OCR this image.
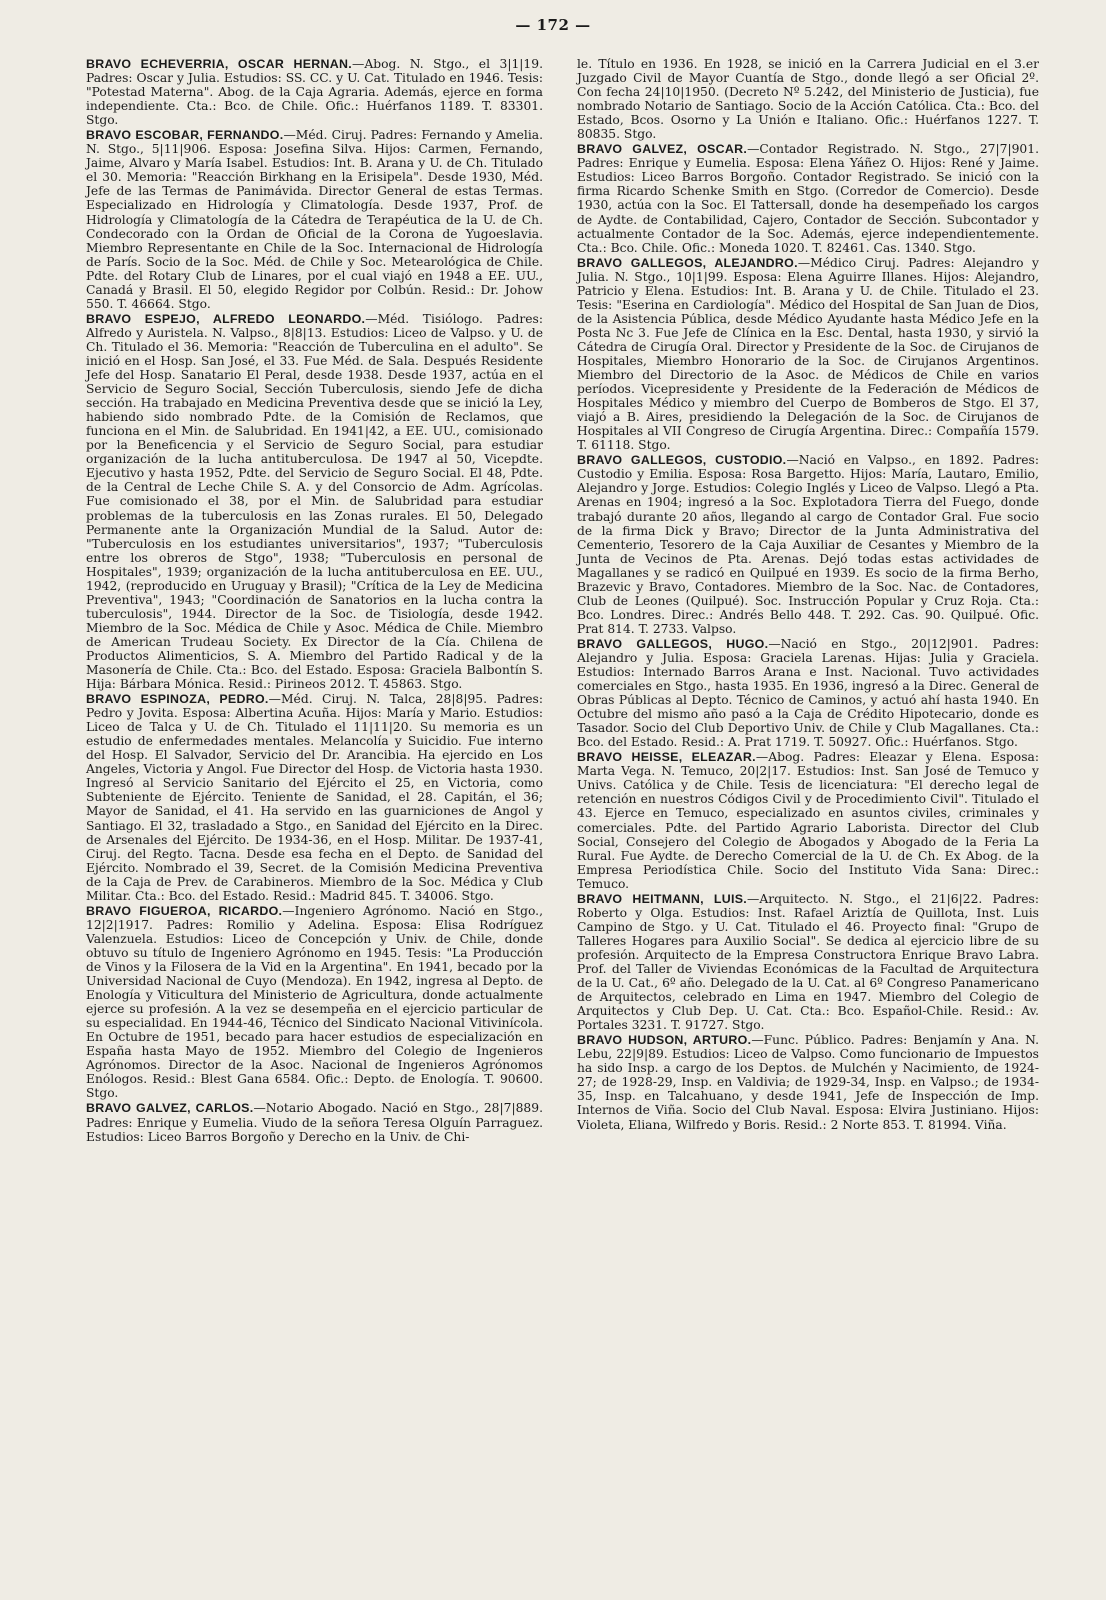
— 172 —

BRAVO ECHEVERRIA, OSCAR HERNAN.—Abog. N. Stgo., el 3|1|19. Padres: Oscar y Julia. Estudios: SS. CC. y U. Cat. Titulado en 1946. Tesis: "Potestad Materna". Abog. de la Caja Agraria. Además, ejerce en forma independiente. Cta.: Bco. de Chile. Ofic.: Huérfanos 1189. T. 83301. Stgo.

BRAVO ESCOBAR, FERNANDO.—Méd. Ciruj. Padres: Fernando y Amelia. N. Stgo., 5|11|906. Esposa: Josefina Silva. Hijos: Carmen, Fernando, Jaime, Alvaro y María Isabel. Estudios: Int. B. Arana y U. de Ch. Titulado el 30. Memoria: "Reacción Birkhang en la Erisipela". Desde 1930, Méd. Jefe de las Termas de Panimávida. Director General de estas Termas. Especializado en Hidrología y Climatología. Desde 1937, Prof. de Hidrología y Climatología de la Cátedra de Terapéutica de la U. de Ch. Condecorado con la Ordan de Oficial de la Corona de Yugoeslavia. Miembro Representante en Chile de la Soc. Internacional de Hidrología de París. Socio de la Soc. Méd. de Chile y Soc. Metearológica de Chile. Pdte. del Rotary Club de Linares, por el cual viajó en 1948 a EE. UU., Canadá y Brasil. El 50, elegido Regidor por Colbún. Resid.: Dr. Johow 550. T. 46664. Stgo.

BRAVO ESPEJO, ALFREDO LEONARDO.—Méd. Tisiólogo. Padres: Alfredo y Auristela. N. Valpso., 8|8|13. Estudios: Liceo de Valpso. y U. de Ch. Titulado el 36. Memoria: "Reacción de Tuberculina en el adulto". Se inició en el Hosp. San José, el 33. Fue Méd. de Sala. Después Residente Jefe del Hosp. Sanatario El Peral, desde 1938. Desde 1937, actúa en el Servicio de Seguro Social, Sección Tuberculosis, siendo Jefe de dicha sección. Ha trabajado en Medicina Preventiva desde que se inició la Ley, habiendo sido nombrado Pdte. de la Comisión de Reclamos, que funciona en el Min. de Salubridad. En 1941|42, a EE. UU., comisionado por la Beneficencia y el Servicio de Seguro Social, para estudiar organización de la lucha antituberculosa. De 1947 al 50, Vicepdte. Ejecutivo y hasta 1952, Pdte. del Servicio de Seguro Social. El 48, Pdte. de la Central de Leche Chile S. A. y del Consorcio de Adm. Agrícolas. Fue comisionado el 38, por el Min. de Salubridad para estudiar problemas de la tuberculosis en las Zonas rurales. El 50, Delegado Permanente ante la Organización Mundial de la Salud. Autor de: "Tuberculosis en los estudiantes universitarios", 1937; "Tuberculosis entre los obreros de Stgo", 1938; "Tuberculosis en personal de Hospitales", 1939; organización de la lucha antituberculosa en EE. UU., 1942, (reproducido en Uruguay y Brasil); "Crítica de la Ley de Medicina Preventiva", 1943; "Coordinación de Sanatorios en la lucha contra la tuberculosis", 1944. Director de la Soc. de Tisiología, desde 1942. Miembro de la Soc. Médica de Chile y Asoc. Médica de Chile. Miembro de American Trudeau Society. Ex Director de la Cía. Chilena de Productos Alimenticios, S. A. Miembro del Partido Radical y de la Masonería de Chile. Cta.: Bco. del Estado. Esposa: Graciela Balbontín S. Hija: Bárbara Mónica. Resid.: Pirineos 2012. T. 45863. Stgo.

BRAVO ESPINOZA, PEDRO.—Méd. Ciruj. N. Talca, 28|8|95. Padres: Pedro y Jovita. Esposa: Albertina Acuña. Hijos: María y Mario. Estudios: Liceo de Talca y U. de Ch. Titulado el 11|11|20. Su memoria es un estudio de enfermedades mentales. Melancolía y Suicidio. Fue interno del Hosp. El Salvador, Servicio del Dr. Arancibia. Ha ejercido en Los Angeles, Victoria y Angol. Fue Director del Hosp. de Victoria hasta 1930. Ingresó al Servicio Sanitario del Ejército el 25, en Victoria, como Subteniente de Ejército. Teniente de Sanidad, el 28. Capitán, el 36; Mayor de Sanidad, el 41. Ha servido en las guarniciones de Angol y Santiago. El 32, trasladado a Stgo., en Sanidad del Ejército en la Direc. de Arsenales del Ejército. De 1934-36, en el Hosp. Militar. De 1937-41, Ciruj. del Regto. Tacna. Desde esa fecha en el Depto. de Sanidad del Ejército. Nombrado el 39, Secret. de la Comisión Medicina Preventiva de la Caja de Prev. de Carabineros. Miembro de la Soc. Médica y Club Militar. Cta.: Bco. del Estado. Resid.: Madrid 845. T. 34006. Stgo.

BRAVO FIGUEROA, RICARDO.—Ingeniero Agrónomo. Nació en Stgo., 12|2|1917. Padres: Romilio y Adelina. Esposa: Elisa Rodríguez Valenzuela. Estudios: Liceo de Concepción y Univ. de Chile, donde obtuvo su título de Ingeniero Agrónomo en 1945. Tesis: "La Producción de Vinos y la Filosera de la Vid en la Argentina". En 1941, becado por la Universidad Nacional de Cuyo (Mendoza). En 1942, ingresa al Depto. de Enología y Viticultura del Ministerio de Agricultura, donde actualmente ejerce su profesión. A la vez se desempeña en el ejercicio particular de su especialidad. En 1944-46, Técnico del Sindicato Nacional Vitivinícola. En Octubre de 1951, becado para hacer estudios de especialización en España hasta Mayo de 1952. Miembro del Colegio de Ingenieros Agrónomos. Director de la Asoc. Nacional de Ingenieros Agrónomos Enólogos. Resid.: Blest Gana 6584. Ofic.: Depto. de Enología. T. 90600. Stgo.

BRAVO GALVEZ, CARLOS.—Notario Abogado. Nació en Stgo., 28|7|889. Padres: Enrique y Eumelia. Viudo de la señora Teresa Olguín Parraguez. Estudios: Liceo Barros Borgoño y Derecho en la Univ. de Chi-

le. Título en 1936. En 1928, se inició en la Carrera Judicial en el 3.er Juzgado Civil de Mayor Cuantía de Stgo., donde llegó a ser Oficial 2º. Con fecha 24|10|1950. (Decreto Nº 5.242, del Ministerio de Justicia), fue nombrado Notario de Santiago. Socio de la Acción Católica. Cta.: Bco. del Estado, Bcos. Osorno y La Unión e Italiano. Ofic.: Huérfanos 1227. T. 80835. Stgo.

BRAVO GALVEZ, OSCAR.—Contador Registrado. N. Stgo., 27|7|901. Padres: Enrique y Eumelia. Esposa: Elena Yáñez O. Hijos: René y Jaime. Estudios: Liceo Barros Borgoño. Contador Registrado. Se inició con la firma Ricardo Schenke Smith en Stgo. (Corredor de Comercio). Desde 1930, actúa con la Soc. El Tattersall, donde ha desempeñado los cargos de Aydte. de Contabilidad, Cajero, Contador de Sección. Subcontador y actualmente Contador de la Soc. Además, ejerce independientemente. Cta.: Bco. Chile. Ofic.: Moneda 1020. T. 82461. Cas. 1340. Stgo.

BRAVO GALLEGOS, ALEJANDRO.—Médico Ciruj. Padres: Alejandro y Julia. N. Stgo., 10|1|99. Esposa: Elena Aguirre Illanes. Hijos: Alejandro, Patricio y Elena. Estudios: Int. B. Arana y U. de Chile. Titulado el 23. Tesis: "Eserina en Cardiología". Médico del Hospital de San Juan de Dios, de la Asistencia Pública, desde Médico Ayudante hasta Médico Jefe en la Posta Nc 3. Fue Jefe de Clínica en la Esc. Dental, hasta 1930, y sirvió la Cátedra de Cirugía Oral. Director y Presidente de la Soc. de Cirujanos de Hospitales, Miembro Honorario de la Soc. de Cirujanos Argentinos. Miembro del Directorio de la Asoc. de Médicos de Chile en varios períodos. Vicepresidente y Presidente de la Federación de Médicos de Hospitales Médico y miembro del Cuerpo de Bomberos de Stgo. El 37, viajó a B. Aires, presidiendo la Delegación de la Soc. de Cirujanos de Hospitales al VII Congreso de Cirugía Argentina. Direc.: Compañía 1579. T. 61118. Stgo.

BRAVO GALLEGOS, CUSTODIO.—Nació en Valpso., en 1892. Padres: Custodio y Emilia. Esposa: Rosa Bargetto. Hijos: María, Lautaro, Emilio, Alejandro y Jorge. Estudios: Colegio Inglés y Liceo de Valpso. Llegó a Pta. Arenas en 1904; ingresó a la Soc. Explotadora Tierra del Fuego, donde trabajó durante 20 años, llegando al cargo de Contador Gral. Fue socio de la firma Dick y Bravo; Director de la Junta Administrativa del Cementerio, Tesorero de la Caja Auxiliar de Cesantes y Miembro de la Junta de Vecinos de Pta. Arenas. Dejó todas estas actividades de Magallanes y se radicó en Quilpué en 1939. Es socio de la firma Berho, Brazevic y Bravo, Contadores. Miembro de la Soc. Nac. de Contadores, Club de Leones (Quilpué). Soc. Instrucción Popular y Cruz Roja. Cta.: Bco. Londres. Direc.: Andrés Bello 448. T. 292. Cas. 90. Quilpué. Ofic. Prat 814. T. 2733. Valpso.

BRAVO GALLEGOS, HUGO.—Nació en Stgo., 20|12|901. Padres: Alejandro y Julia. Esposa: Graciela Larenas. Hijas: Julia y Graciela. Estudios: Internado Barros Arana e Inst. Nacional. Tuvo actividades comerciales en Stgo., hasta 1935. En 1936, ingresó a la Direc. General de Obras Públicas al Depto. Técnico de Caminos, y actuó ahí hasta 1940. En Octubre del mismo año pasó a la Caja de Crédito Hipotecario, donde es Tasador. Socio del Club Deportivo Univ. de Chile y Club Magallanes. Cta.: Bco. del Estado. Resid.: A. Prat 1719. T. 50927. Ofic.: Huérfanos. Stgo.

BRAVO HEISSE, ELEAZAR.—Abog. Padres: Eleazar y Elena. Esposa: Marta Vega. N. Temuco, 20|2|17. Estudios: Inst. San José de Temuco y Univs. Católica y de Chile. Tesis de licenciatura: "El derecho legal de retención en nuestros Códigos Civil y de Procedimiento Civil". Titulado el 43. Ejerce en Temuco, especializado en asuntos civiles, criminales y comerciales. Pdte. del Partido Agrario Laborista. Director del Club Social, Consejero del Colegio de Abogados y Abogado de la Feria La Rural. Fue Aydte. de Derecho Comercial de la U. de Ch. Ex Abog. de la Empresa Periodística Chile. Socio del Instituto Vida Sana: Direc.: Temuco.

BRAVO HEITMANN, LUIS.—Arquitecto. N. Stgo., el 21|6|22. Padres: Roberto y Olga. Estudios: Inst. Rafael Ariztía de Quillota, Inst. Luis Campino de Stgo. y U. Cat. Titulado el 46. Proyecto final: "Grupo de Talleres Hogares para Auxilio Social". Se dedica al ejercicio libre de su profesión. Arquitecto de la Empresa Constructora Enrique Bravo Labra. Prof. del Taller de Viviendas Económicas de la Facultad de Arquitectura de la U. Cat., 6º año. Delegado de la U. Cat. al 6º Congreso Panamericano de Arquitectos, celebrado en Lima en 1947. Miembro del Colegio de Arquitectos y Club Dep. U. Cat. Cta.: Bco. Español-Chile. Resid.: Av. Portales 3231. T. 91727. Stgo.

BRAVO HUDSON, ARTURO.—Func. Público. Padres: Benjamín y Ana. N. Lebu, 22|9|89. Estudios: Liceo de Valpso. Como funcionario de Impuestos ha sido Insp. a cargo de los Deptos. de Mulchén y Nacimiento, de 1924-27; de 1928-29, Insp. en Valdivia; de 1929-34, Insp. en Valpso.; de 1934-35, Insp. en Talcahuano, y desde 1941, Jefe de Inspección de Imp. Internos de Viña. Socio del Club Naval. Esposa: Elvira Justiniano. Hijos: Violeta, Eliana, Wilfredo y Boris. Resid.: 2 Norte 853. T. 81994. Viña.
